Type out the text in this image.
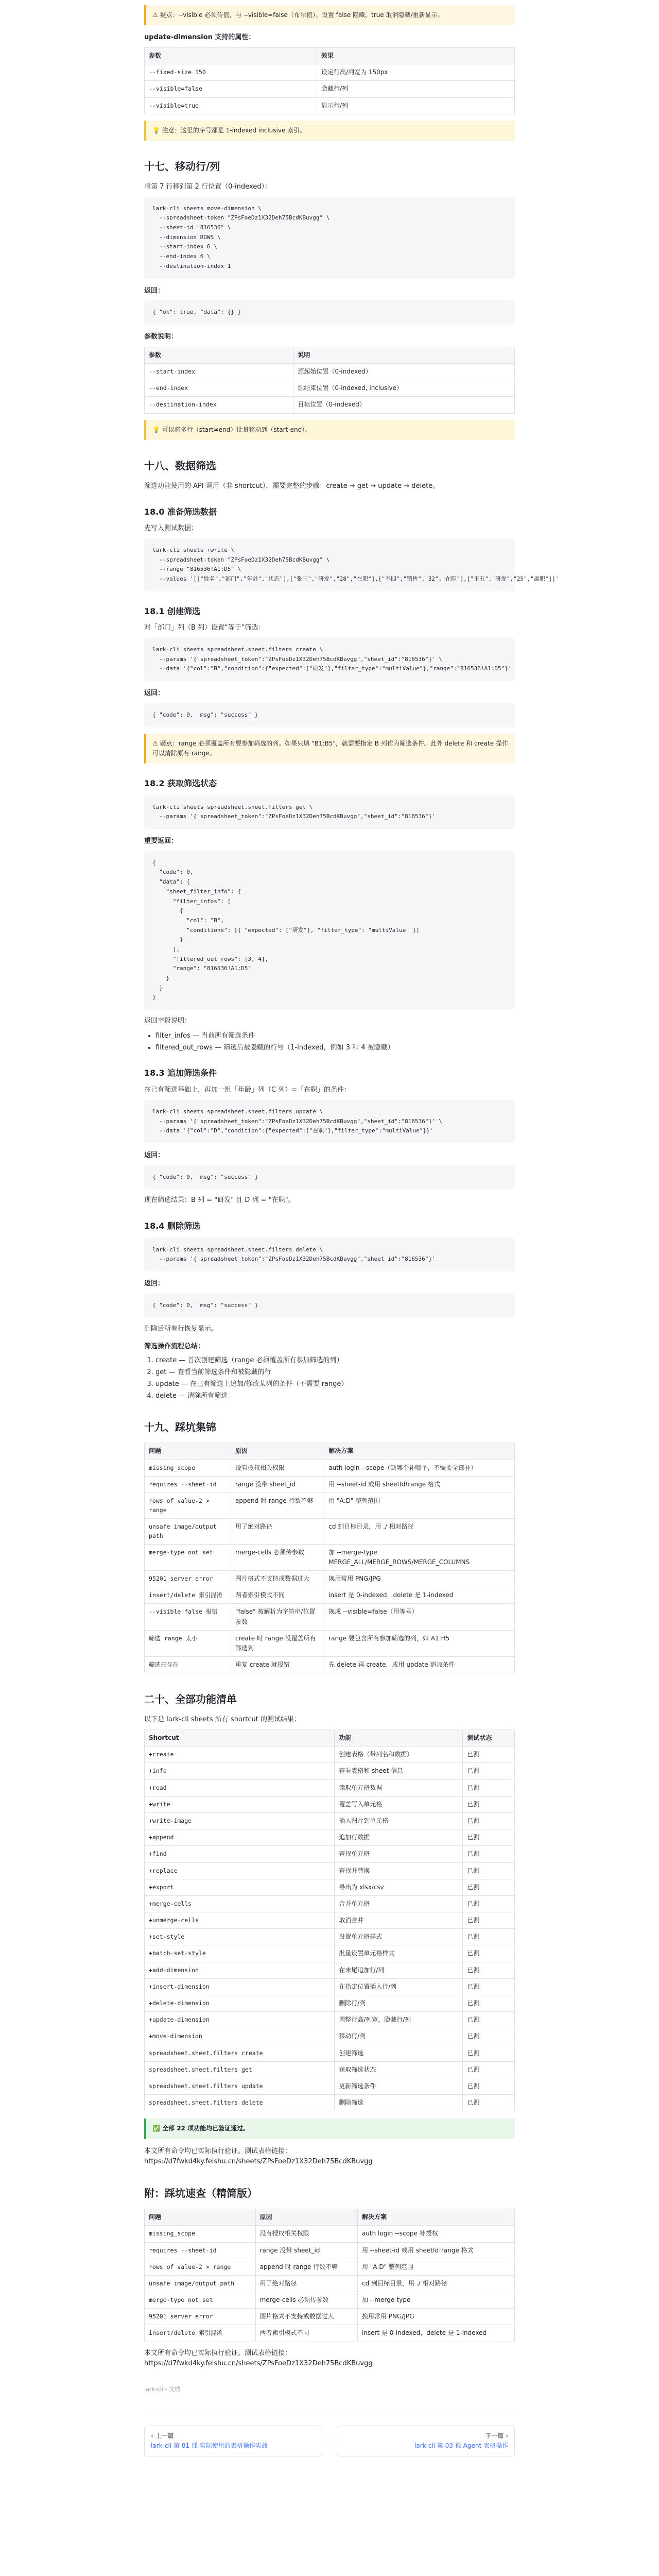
⚠ 疑点：--visible 必须传值，与 --visible=false（布尔值）。设置 false 隐藏，true 取消隐藏/重新显示。

update-dimension 支持的属性：

参数	效果
--fixed-size 150	设定行高/列宽为 150px
--visible=false	隐藏行/列
--visible=true	显示行/列
💡 注意：这里的序号都是 1-indexed inclusive 索引。
十七、移动行/列

将第 7 行移到第 2 行位置（0-indexed）：

lark-cli sheets move-dimension \
--spreadsheet-token "ZPsFoeDz1X32Deh75BcdKBuvgg" \
--sheet-id "816536" \
--dimension ROWS \
--start-index 6 \
--end-index 6 \
--destination-index 1

返回：

{ "ok": true, "data": {} }

参数说明：

参数	说明
--start-index	源起始位置（0-indexed）
--end-index	源结束位置（0-indexed, inclusive）
--destination-index	目标位置（0-indexed）
💡 可以将多行（start≠end）批量移动到（start-end）。
十八、数据筛选

筛选功能使用的 API 调用（非 shortcut），需要完整的步骤：create → get → update → delete。

18.0 准备筛选数据

先写入测试数据：

lark-cli sheets +write \
--spreadsheet-token "ZPsFoeDz1X32Deh75BcdKBuvgg" \
--range "816536!A1:D5" \
--values '[["姓名","部门","年龄","状态"],["张三","研发","28","在职"],["李四","销售","32","在职"],["王五","研发","25","离职"]]'
18.1 创建筛选

对「部门」列（B 列）设置“等于”筛选：

lark-cli sheets spreadsheet.sheet.filters create \
--params '{"spreadsheet_token":"ZPsFoeDz1X32Deh75BcdKBuvgg","sheet_id":"816536"}' \
--data '{"col":"B","condition":{"expected":["研发"],"filter_type":"multiValue"},"range":"816536!A1:D5"}'

返回：

{ "code": 0, "msg": "success" }
⚠ 疑点：range 必须覆盖所有要参加筛选的列。如果只填 "B1:B5"，就需要指定 B 列作为筛选条件。此外 delete 和 create 操作可以清除原有 range。
18.2 获取筛选状态
lark-cli sheets spreadsheet.sheet.filters get \
--params '{"spreadsheet_token":"ZPsFoeDz1X32Deh75BcdKBuvgg","sheet_id":"816536"}'

重要返回：

{
"code": 0,
"data": {
"sheet_filter_info": {
"filter_infos": [
{
"col": "B",
"conditions": [{ "expected": ["研发"], "filter_type": "multiValue" }]
}
],
"filtered_out_rows": [3, 4],
"range": "816536!A1:D5"
}
}
}

返回字段说明：

• filter_infos — 当前所有筛选条件
• filtered_out_rows — 筛选后被隐藏的行号（1-indexed，例如 3 和 4 被隐藏）
18.3 追加筛选条件

在已有筛选基础上，再加一组「年龄」列（C 列）=「在职」的条件：

lark-cli sheets spreadsheet.sheet.filters update \
--params '{"spreadsheet_token":"ZPsFoeDz1X32Deh75BcdKBuvgg","sheet_id":"816536"}' \
--data '{"col":"D","condition":{"expected":["在职"],"filter_type":"multiValue"}}'

返回：

{ "code": 0, "msg": "success" }

现在筛选结果：B 列 = "研发" 且 D 列 = "在职"。

18.4 删除筛选
lark-cli sheets spreadsheet.sheet.filters delete \
--params '{"spreadsheet_token":"ZPsFoeDz1X32Deh75BcdKBuvgg","sheet_id":"816536"}'

返回：

{ "code": 0, "msg": "success" }

删除后所有行恢复显示。

筛选操作流程总结：

1. create — 首次创建筛选（range 必须覆盖所有参加筛选的列）
2. get — 查看当前筛选条件和被隐藏的行
3. update — 在已有筛选上追加/修改某列的条件（不需要 range）
4. delete — 清除所有筛选
十九、踩坑集锦
问题	原因	解决方案
missing_scope	没有授权相关权限	auth login --scope（缺哪个补哪个，不需要全部补）
requires --sheet-id	range 没带 sheet_id	用 --sheet-id 或用 sheetId!range 格式
rows of value-2 > range	append 时 range 行数不够	用 "A:D" 整列范围
unsafe image/output path	用了绝对路径	cd 到目标目录，用 ./ 相对路径
merge-type not set	merge-cells 必须传参数	加 --merge-type MERGE_ALL/MERGE_ROWS/MERGE_COLUMNS
95201 server error	图片格式不支持或数据过大	换用常用 PNG/JPG
insert/delete 索引混淆	两者索引模式不同	insert 是 0-indexed，delete 是 1-indexed
--visible false 报错	"false" 被解析为字符串/位置参数	换成 --visible=false（用等号）
筛选 range 太小	create 时 range 没覆盖所有筛选列	range 要包含所有参加筛选的列，如 A1:H5
筛选已存在	重复 create 就报错	先 delete 再 create，或用 update 追加条件
二十、全部功能清单

以下是 lark-cli sheets 所有 shortcut 的测试结果：

Shortcut	功能	测试状态
+create	创建表格（带列名和数据）	已测
+info	查看表格和 sheet 信息	已测
+read	读取单元格数据	已测
+write	覆盖写入单元格	已测
+write-image	插入图片到单元格	已测
+append	追加行数据	已测
+find	查找单元格	已测
+replace	查找并替换	已测
+export	导出为 xlsx/csv	已测
+merge-cells	合并单元格	已测
+unmerge-cells	取消合并	已测
+set-style	设置单元格样式	已测
+batch-set-style	批量设置单元格样式	已测
+add-dimension	在末尾追加行/列	已测
+insert-dimension	在指定位置插入行/列	已测
+delete-dimension	删除行/列	已测
+update-dimension	调整行高/列宽，隐藏行/列	已测
+move-dimension	移动行/列	已测
spreadsheet.sheet.filters create	创建筛选	已测
spreadsheet.sheet.filters get	获取筛选状态	已测
spreadsheet.sheet.filters update	更新筛选条件	已测
spreadsheet.sheet.filters delete	删除筛选	已测
✅ 全部 22 项功能均已验证通过。

本文所有命令均已实际执行验证。测试表格链接：https://d7fwkd4ky.feishu.cn/sheets/ZPsFoeDz1X32Deh75BcdKBuvgg

附：踩坑速查（精简版）
问题	原因	解决方案
missing_scope	没有授权相关权限	auth login --scope 补授权
requires --sheet-id	range 没带 sheet_id	用 --sheet-id 或用 sheetId!range 格式
rows of value-2 > range	append 时 range 行数不够	用 "A:D" 整列范围
unsafe image/output path	用了绝对路径	cd 到目标目录，用 ./ 相对路径
merge-type not set	merge-cells 必须传参数	加 --merge-type
95201 server error	图片格式不支持或数据过大	换用常用 PNG/JPG
insert/delete 索引混淆	两者索引模式不同	insert 是 0-indexed，delete 是 1-indexed

本文所有命令均已实际执行验证。测试表格链接：https://d7fwkd4ky.feishu.cn/sheets/ZPsFoeDz1X32Deh75BcdKBuvgg

lark-cli › 文档
‹ 上一篇
lark-cli 第 01 课 实际使用的表格操作实战
下一篇 ›
lark-cli 第 03 课 Agent 表格操作
